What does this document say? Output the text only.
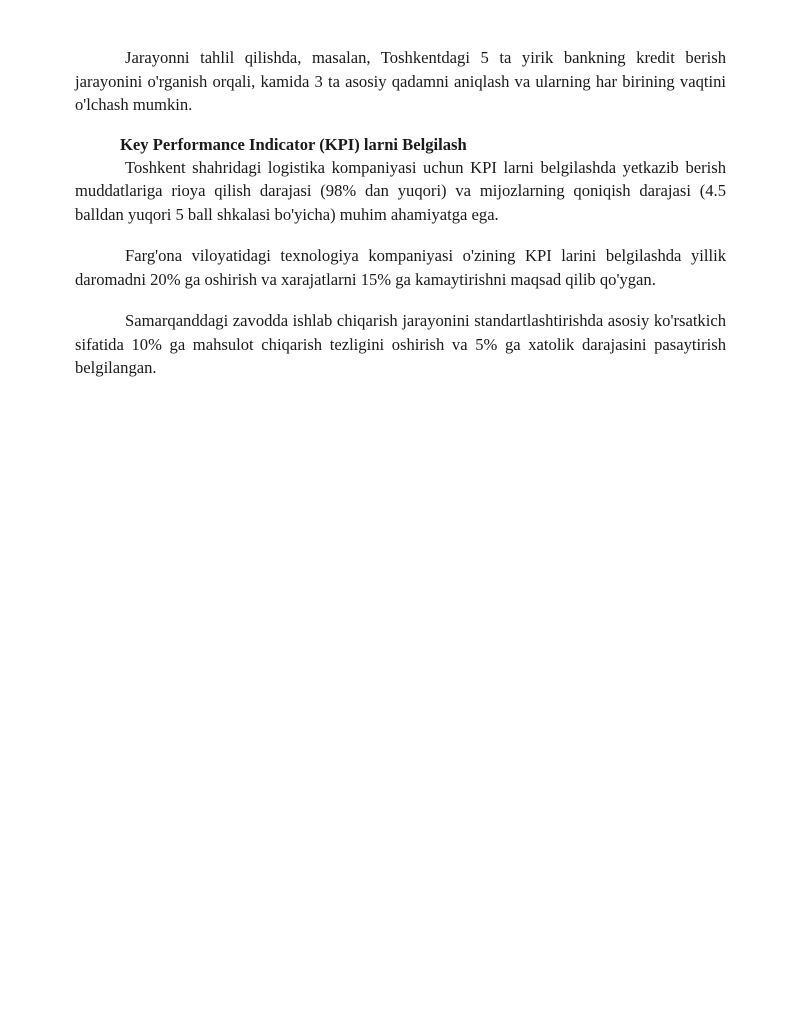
Jarayonni tahlil qilishda, masalan, Toshkentdagi 5 ta yirik bankning kredit berish jarayonini o'rganish orqali, kamida 3 ta asosiy qadamni aniqlash va ularning har birining vaqtini o'lchash mumkin.

Key Performance Indicator (KPI) larni Belgilash

Toshkent shahridagi logistika kompaniyasi uchun KPI larni belgilashda yetkazib berish muddatlariga rioya qilish darajasi (98% dan yuqori) va mijozlarning qoniqish darajasi (4.5 balldan yuqori 5 ball shkalasi bo'yicha) muhim ahamiyatga ega.

Farg'ona viloyatidagi texnologiya kompaniyasi o'zining KPI larini belgilashda yillik daromadni 20% ga oshirish va xarajatlarni 15% ga kamaytirishni maqsad qilib qo'ygan.

Samarqanddagi zavodda ishlab chiqarish jarayonini standartlashtirishda asosiy ko'rsatkich sifatida 10% ga mahsulot chiqarish tezligini oshirish va 5% ga xatolik darajasini pasaytirish belgilangan.
